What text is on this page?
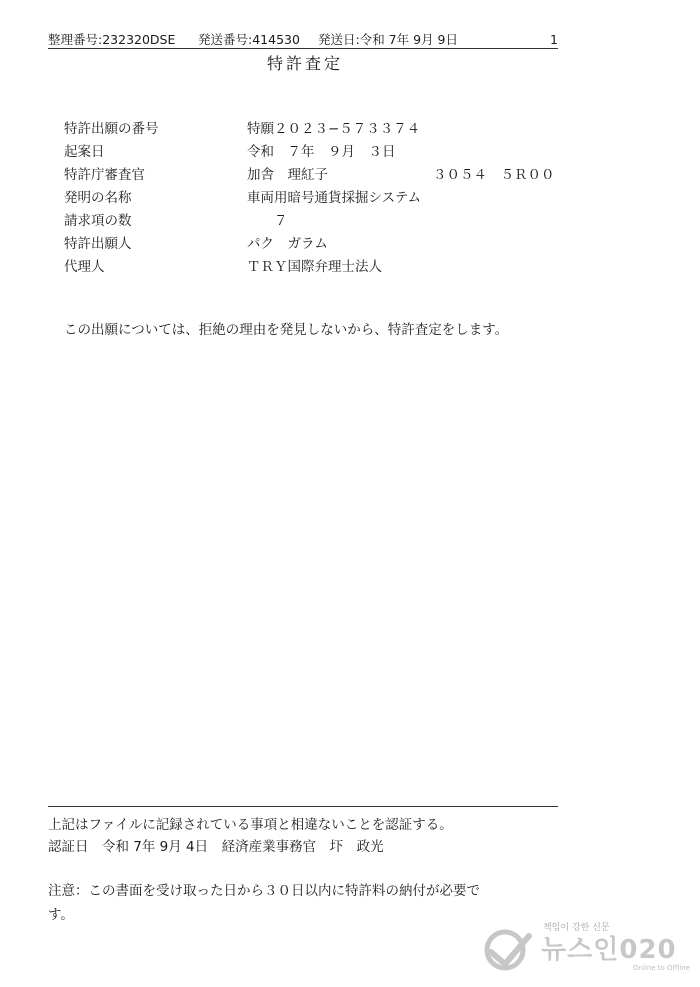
整理番号:232320DSE 発送番号:414530 発送日:令和 7年 9月 9日	1
特許査定
特許出願の番号	特願２０２３−５７３３７４
起案日	令和　７年　９月　３日
特許庁審査官	加舎　理紅子	３０５４　５Ｒ００
発明の名称	車両用暗号通貨採掘システム
請求項の数	　　７
特許出願人	パク　ガラム
代理人	ＴＲＹ国際弁理士法人
この出願については、拒絶の理由を発見しないから、特許査定をします。
上記はファイルに記録されている事項と相違ないことを認証する。
認証日　令和 7年 9月 4日　経済産業事務官　圷　政光
注意：この書面を受け取った日から３０日以内に特許料の納付が必要です。
책임이 강한 신문
뉴스인020
Online to Offline
